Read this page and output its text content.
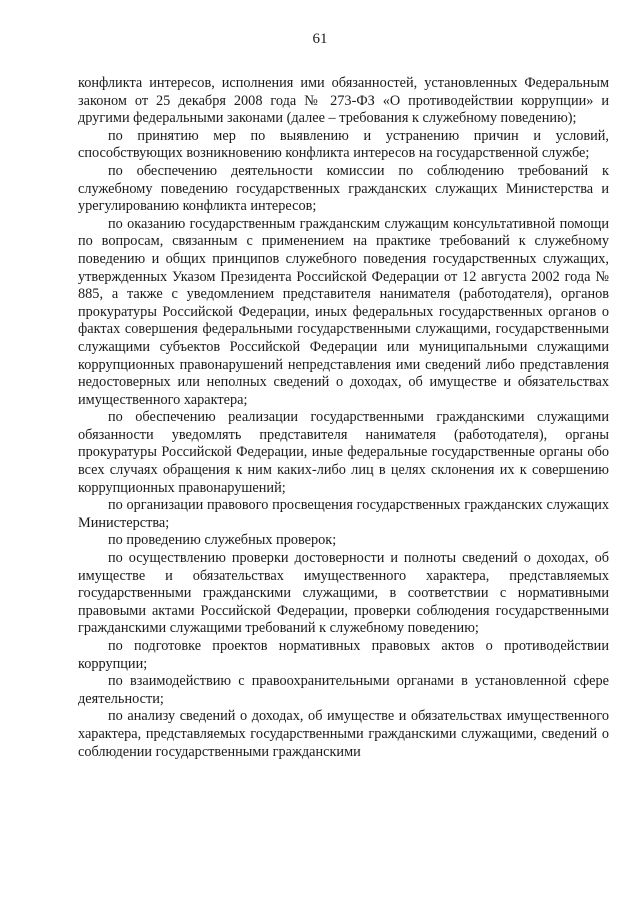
61

конфликта интересов, исполнения ими обязанностей, установленных Федеральным законом от 25 декабря 2008 года № 273-ФЗ «О противодействии коррупции» и другими федеральными законами (далее – требования к служебному поведению);

по принятию мер по выявлению и устранению причин и условий, способствующих возникновению конфликта интересов на государственной службе;

по обеспечению деятельности комиссии по соблюдению требований к служебному поведению государственных гражданских служащих Министерства и урегулированию конфликта интересов;

по оказанию государственным гражданским служащим консультативной помощи по вопросам, связанным с применением на практике требований к служебному поведению и общих принципов служебного поведения государственных служащих, утвержденных Указом Президента Российской Федерации от 12 августа 2002 года № 885, а также с уведомлением представителя нанимателя (работодателя), органов прокуратуры Российской Федерации, иных федеральных государственных органов о фактах совершения федеральными государственными служащими, государственными служащими субъектов Российской Федерации или муниципальными служащими коррупционных правонарушений непредставления ими сведений либо представления недостоверных или неполных сведений о доходах, об имуществе и обязательствах имущественного характера;

по обеспечению реализации государственными гражданскими служащими обязанности уведомлять представителя нанимателя (работодателя), органы прокуратуры Российской Федерации, иные федеральные государственные органы обо всех случаях обращения к ним каких-либо лиц в целях склонения их к совершению коррупционных правонарушений;

по организации правового просвещения государственных гражданских служащих Министерства;

по проведению служебных проверок;

по осуществлению проверки достоверности и полноты сведений о доходах, об имуществе и обязательствах имущественного характера, представляемых государственными гражданскими служащими, в соответствии с нормативными правовыми актами Российской Федерации, проверки соблюдения государственными гражданскими служащими требований к служебному поведению;

по подготовке проектов нормативных правовых актов о противодействии коррупции;

по взаимодействию с правоохранительными органами в установленной сфере деятельности;

по анализу сведений о доходах, об имуществе и обязательствах имущественного характера, представляемых государственными гражданскими служащими, сведений о соблюдении государственными гражданскими
